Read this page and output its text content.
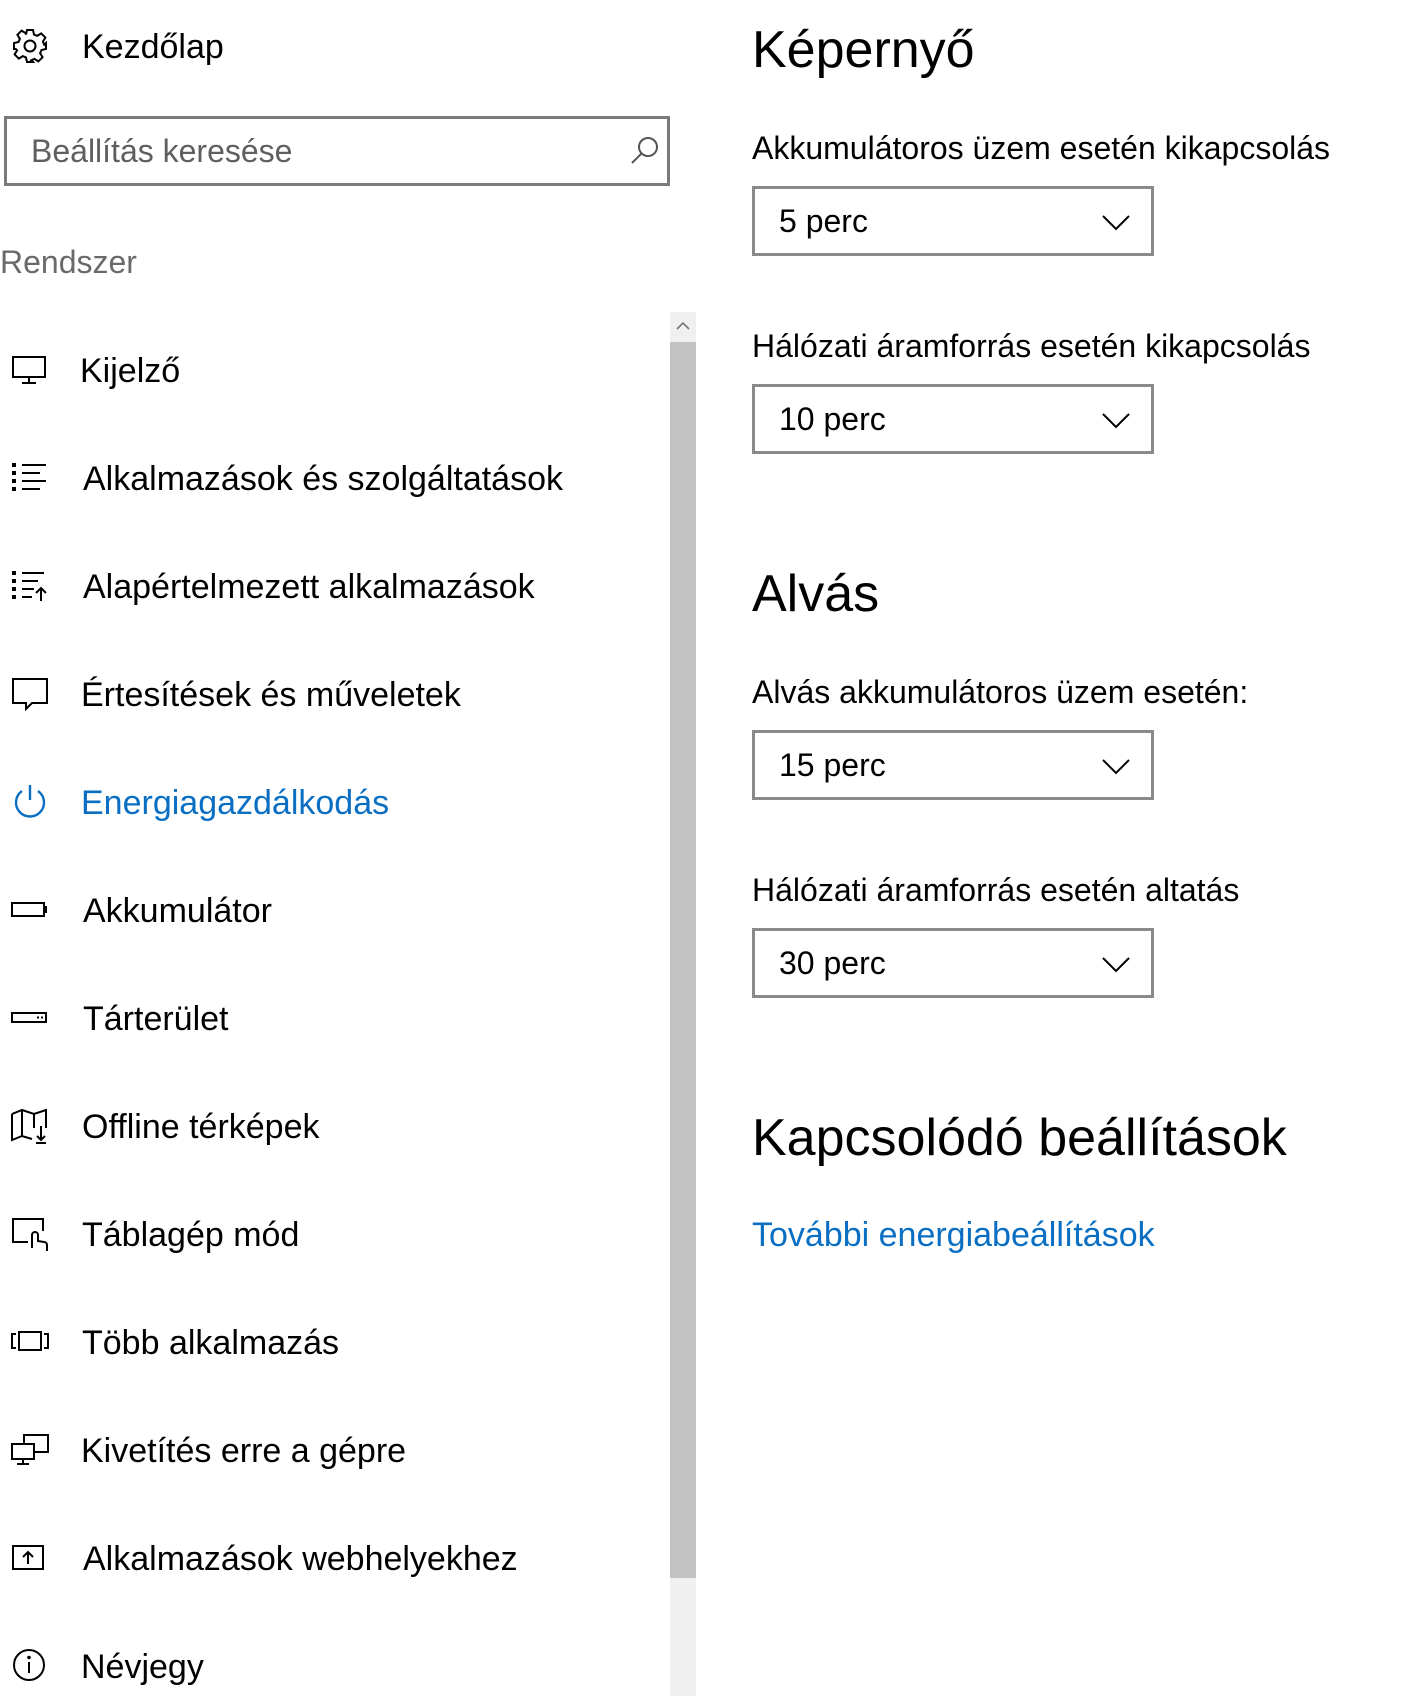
Kezdőlap
Beállítás keresése
Rendszer
Kijelző
Alkalmazások és szolgáltatások
Alapértelmezett alkalmazások
Értesítések és műveletek
Energiagazdálkodás
Akkumulátor
Tárterület
Offline térképek
Táblagép mód
Több alkalmazás
Kivetítés erre a gépre
Alkalmazások webhelyekhez
Névjegy
Képernyő
Akkumulátoros üzem esetén kikapcsolás
5 perc
Hálózati áramforrás esetén kikapcsolás
10 perc
Alvás
Alvás akkumulátoros üzem esetén:
15 perc
Hálózati áramforrás esetén altatás
30 perc
Kapcsolódó beállítások
További energiabeállítások
